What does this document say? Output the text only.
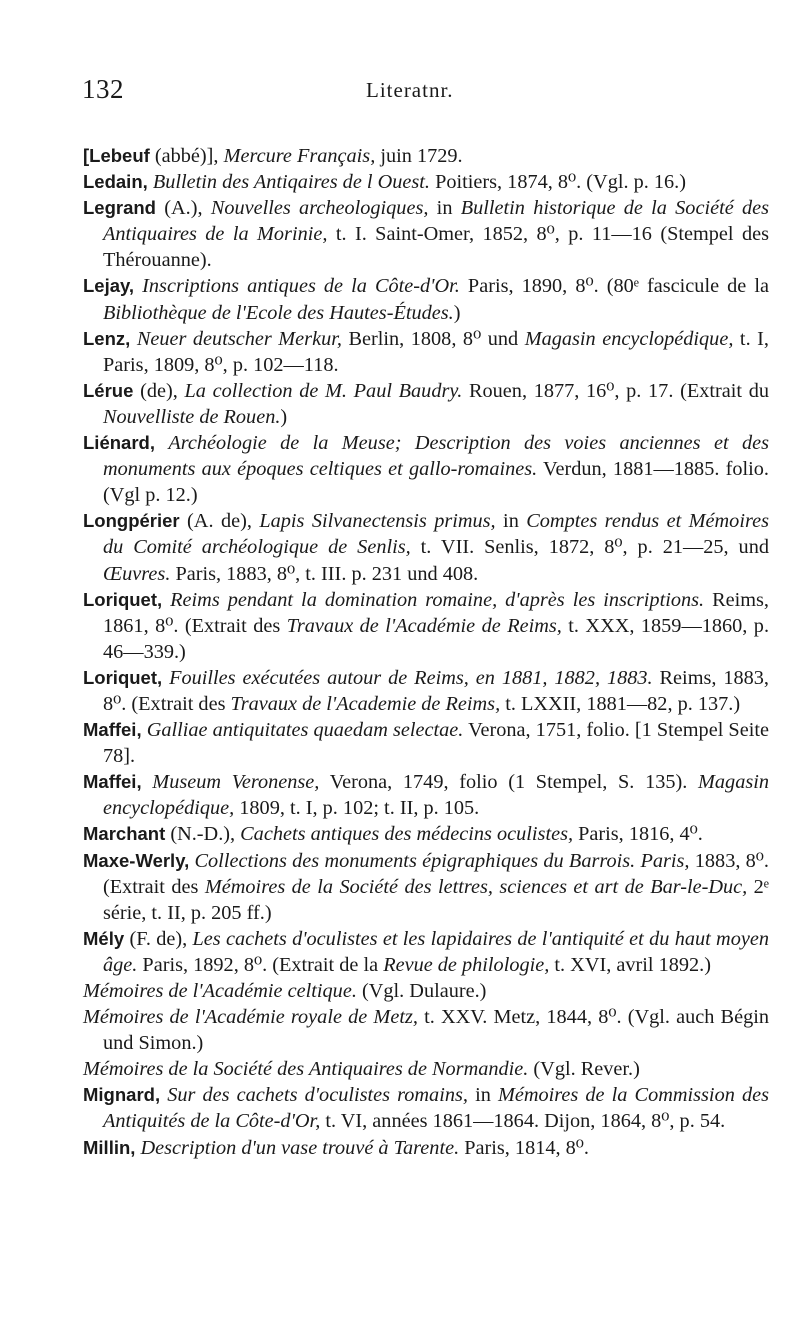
132	Literatnr.
[Lebeuf (abbé)], Mercure Français, juin 1729.
Ledain, Bulletin des Antiqaires de l Ouest. Poitiers, 1874, 8⁰. (Vgl. p. 16.)
Legrand (A.), Nouvelles archeologiques, in Bulletin historique de la Société des Antiquaires de la Morinie, t. I. Saint-Omer, 1852, 8⁰, p. 11—16 (Stempel des Thérouanne).
Lejay, Inscriptions antiques de la Côte-d'Or. Paris, 1890, 8⁰. (80ᵉ fascicule de la Bibliothèque de l'Ecole des Hautes-Études.)
Lenz, Neuer deutscher Merkur, Berlin, 1808, 8⁰ und Magasin encyclopédique, t. I, Paris, 1809, 8⁰, p. 102—118.
Lérue (de), La collection de M. Paul Baudry. Rouen, 1877, 16⁰, p. 17. (Extrait du Nouvelliste de Rouen.)
Liénard, Archéologie de la Meuse; Description des voies anciennes et des monuments aux époques celtiques et gallo-romaines. Verdun, 1881—1885. folio. (Vgl p. 12.)
Longpérier (A. de), Lapis Silvanectensis primus, in Comptes rendus et Mémoires du Comité archéologique de Senlis, t. VII. Senlis, 1872, 8⁰, p. 21—25, und Œuvres. Paris, 1883, 8⁰, t. III. p. 231 und 408.
Loriquet, Reims pendant la domination romaine, d'après les inscriptions. Reims, 1861, 8⁰. (Extrait des Travaux de l'Académie de Reims, t. XXX, 1859—1860, p. 46—339.)
Loriquet, Fouilles exécutées autour de Reims, en 1881, 1882, 1883. Reims, 1883, 8⁰. (Extrait des Travaux de l'Academie de Reims, t. LXXII, 1881—82, p. 137.)
Maffei, Galliae antiquitates quaedam selectae. Verona, 1751, folio. [1 Stempel Seite 78].
Maffei, Museum Veronense, Verona, 1749, folio (1 Stempel, S. 135). Magasin encyclopédique, 1809, t. I, p. 102; t. II, p. 105.
Marchant (N.-D.), Cachets antiques des médecins oculistes, Paris, 1816, 4⁰.
Maxe-Werly, Collections des monuments épigraphiques du Barrois. Paris, 1883, 8⁰. (Extrait des Mémoires de la Société des lettres, sciences et art de Bar-le-Duc, 2ᵉ série, t. II, p. 205 ff.)
Mély (F. de), Les cachets d'oculistes et les lapidaires de l'antiquité et du haut moyen âge. Paris, 1892, 8⁰. (Extrait de la Revue de philologie, t. XVI, avril 1892.)
Mémoires de l'Académie celtique. (Vgl. Dulaure.)
Mémoires de l'Académie royale de Metz, t. XXV. Metz, 1844, 8⁰. (Vgl. auch Bégin und Simon.)
Mémoires de la Société des Antiquaires de Normandie. (Vgl. Rever.)
Mignard, Sur des cachets d'oculistes romains, in Mémoires de la Commission des Antiquités de la Côte-d'Or, t. VI, années 1861—1864. Dijon, 1864, 8⁰, p. 54.
Millin, Description d'un vase trouvé à Tarente. Paris, 1814, 8⁰.
